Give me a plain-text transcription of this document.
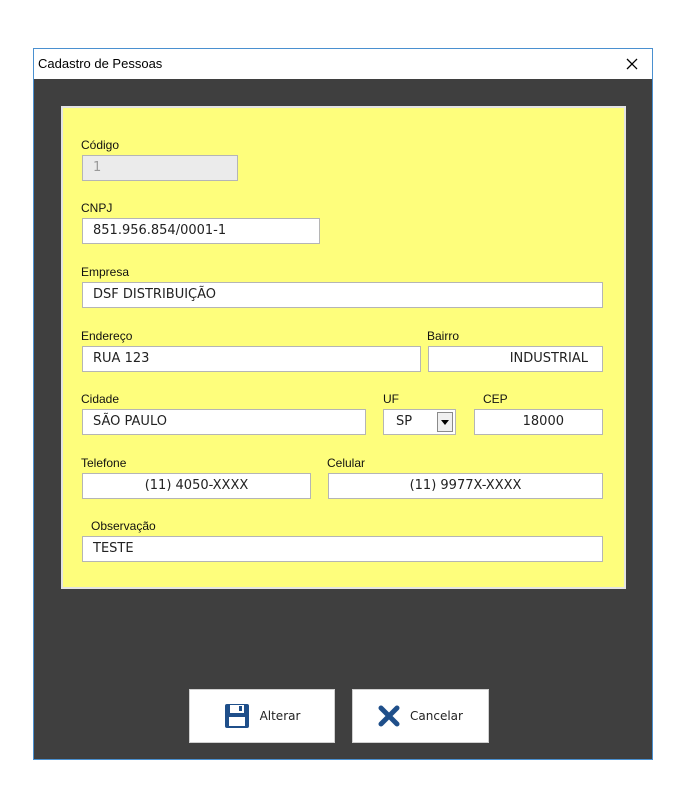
Cadastro de Pessoas
Código
1
CNPJ
851.956.854/0001-1
Empresa
DSF DISTRIBUIÇÃO
Endereço
RUA 123
Bairro
INDUSTRIAL
Cidade
SÃO PAULO
UF
SP
CEP
18000
Telefone
(11) 4050-XXXX
Celular
(11) 9977X-XXXX
Observação
TESTE
Alterar	Cancelar
